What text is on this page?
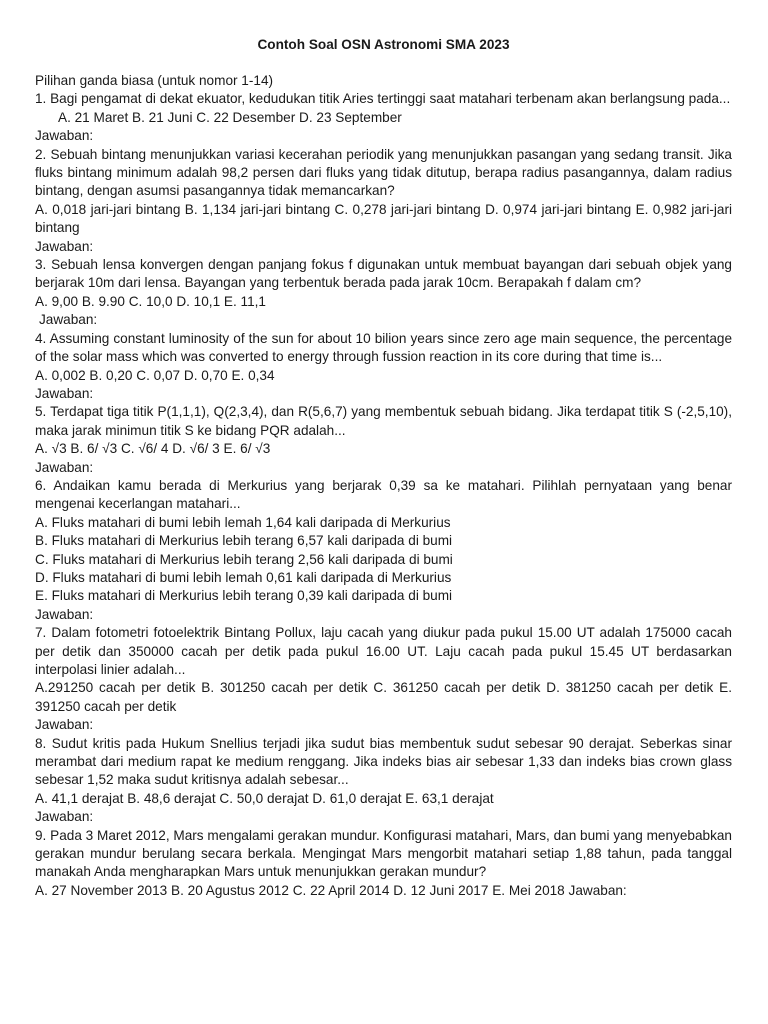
Contoh Soal OSN Astronomi SMA 2023

Pilihan ganda biasa (untuk nomor 1-14)

1. Bagi pengamat di dekat ekuator, kedudukan titik Aries tertinggi saat matahari terbenam akan berlangsung pada...

A. 21 Maret B. 21 Juni C. 22 Desember D. 23 September

Jawaban:

2. Sebuah bintang menunjukkan variasi kecerahan periodik yang menunjukkan pasangan yang sedang transit. Jika fluks bintang minimum adalah 98,2 persen dari fluks yang tidak ditutup, berapa radius pasangannya, dalam radius bintang, dengan asumsi pasangannya tidak memancarkan?

A. 0,018 jari-jari bintang B. 1,134 jari-jari bintang C. 0,278 jari-jari bintang D. 0,974 jari-jari bintang E. 0,982 jari-jari bintang

Jawaban:

3. Sebuah lensa konvergen dengan panjang fokus f digunakan untuk membuat bayangan dari sebuah objek yang berjarak 10m dari lensa. Bayangan yang terbentuk berada pada jarak 10cm. Berapakah f dalam cm?

A. 9,00 B. 9.90 C. 10,0 D. 10,1 E. 11,1

Jawaban:

4. Assuming constant luminosity of the sun for about 10 bilion years since zero age main sequence, the percentage of the solar mass which was converted to energy through fussion reaction in its core during that time is...

A. 0,002 B. 0,20 C. 0,07 D. 0,70 E. 0,34

Jawaban:

5. Terdapat tiga titik P(1,1,1), Q(2,3,4), dan R(5,6,7) yang membentuk sebuah bidang. Jika terdapat titik S (-2,5,10), maka jarak minimun titik S ke bidang PQR adalah...

A. √3 B. 6/ √3 C. √6/ 4 D. √6/ 3 E. 6/ √3

Jawaban:

6. Andaikan kamu berada di Merkurius yang berjarak 0,39 sa ke matahari. Pilihlah pernyataan yang benar mengenai kecerlangan matahari...

A. Fluks matahari di bumi lebih lemah 1,64 kali daripada di Merkurius

B. Fluks matahari di Merkurius lebih terang 6,57 kali daripada di bumi

C. Fluks matahari di Merkurius lebih terang 2,56 kali daripada di bumi

D. Fluks matahari di bumi lebih lemah 0,61 kali daripada di Merkurius

E. Fluks matahari di Merkurius lebih terang 0,39 kali daripada di bumi

Jawaban:

7. Dalam fotometri fotoelektrik Bintang Pollux, laju cacah yang diukur pada pukul 15.00 UT adalah 175000 cacah per detik dan 350000 cacah per detik pada pukul 16.00 UT. Laju cacah pada pukul 15.45 UT berdasarkan interpolasi linier adalah...

A.291250 cacah per detik B. 301250 cacah per detik C. 361250 cacah per detik D. 381250 cacah per detik E. 391250 cacah per detik

Jawaban:

8. Sudut kritis pada Hukum Snellius terjadi jika sudut bias membentuk sudut sebesar 90 derajat. Seberkas sinar merambat dari medium rapat ke medium renggang. Jika indeks bias air sebesar 1,33 dan indeks bias crown glass sebesar 1,52 maka sudut kritisnya adalah sebesar...

A. 41,1 derajat B. 48,6 derajat C. 50,0 derajat D. 61,0 derajat E. 63,1 derajat

Jawaban:

9. Pada 3 Maret 2012, Mars mengalami gerakan mundur. Konfigurasi matahari, Mars, dan bumi yang menyebabkan gerakan mundur berulang secara berkala. Mengingat Mars mengorbit matahari setiap 1,88 tahun, pada tanggal manakah Anda mengharapkan Mars untuk menunjukkan gerakan mundur?

A. 27 November 2013 B. 20 Agustus 2012 C. 22 April 2014 D. 12 Juni 2017 E. Mei 2018 Jawaban:
